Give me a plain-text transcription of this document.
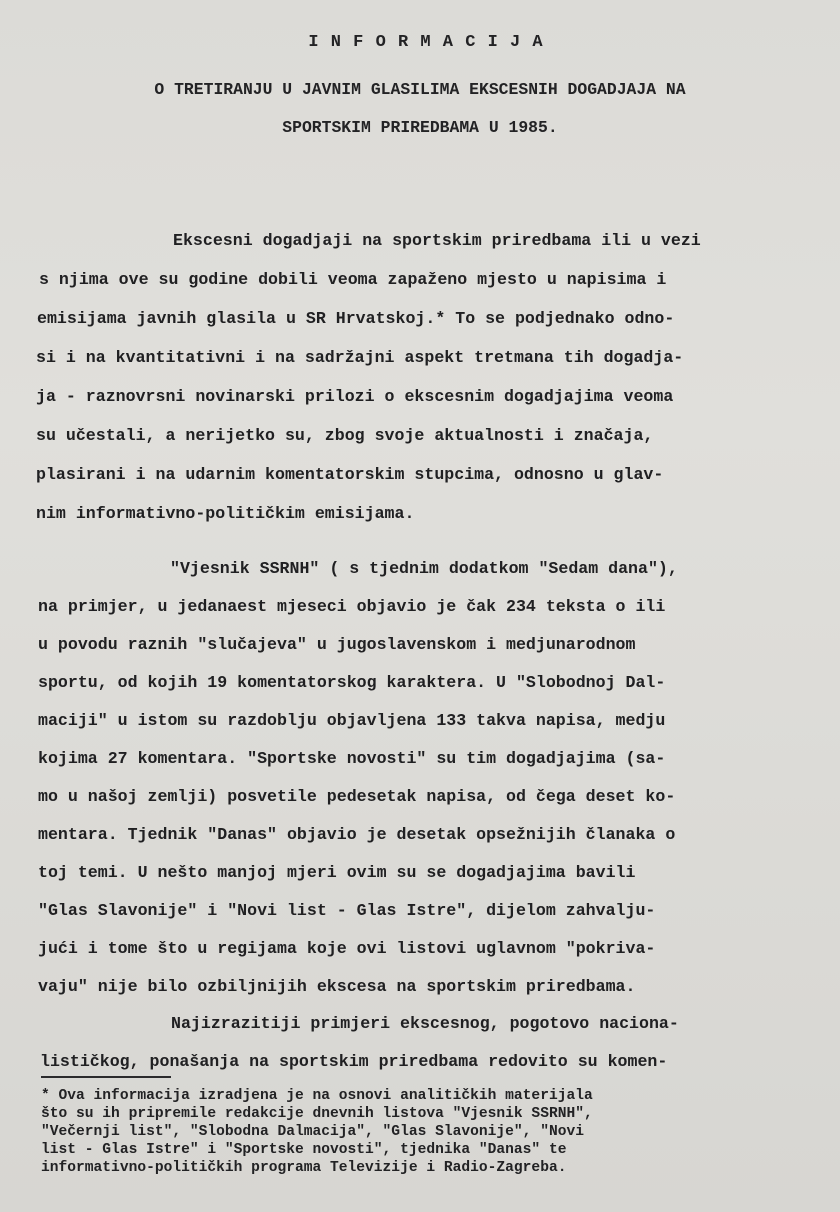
I N F O R M A C I J A
O TRETIRANJU U JAVNIM GLASILIMA EKSCESNIH DOGADJAJA NA
SPORTSKIM PRIREDBAMA U 1985.
Ekscesni dogadjaji na sportskim priredbama ili u vezi
s njima ove su godine dobili veoma zapaženo mjesto u napisima i
emisijama javnih glasila u SR Hrvatskoj.* To se podjednako odno-
si i na kvantitativni i na sadržajni aspekt tretmana tih dogadja-
ja - raznovrsni novinarski prilozi o ekscesnim dogadjajima veoma
su učestali, a nerijetko su, zbog svoje aktualnosti i značaja,
plasirani i na udarnim komentatorskim stupcima, odnosno u glav-
nim informativno-političkim emisijama.
"Vjesnik SSRNH" ( s tjednim dodatkom "Sedam dana"),
na primjer, u jedanaest mjeseci objavio je čak 234 teksta o ili
u povodu raznih "slučajeva" u jugoslavenskom i medjunarodnom
sportu, od kojih 19 komentatorskog karaktera. U "Slobodnoj Dal-
maciji" u istom su razdoblju objavljena 133 takva napisa, medju
kojima 27 komentara. "Sportske novosti" su tim dogadjajima (sa-
mo u našoj zemlji) posvetile pedesetak napisa, od čega deset ko-
mentara. Tjednik "Danas" objavio je desetak opsežnijih članaka o
toj temi. U nešto manjoj mjeri ovim su se dogadjajima bavili
"Glas Slavonije" i "Novi list - Glas Istre", dijelom zahvalju-
jući i tome što u regijama koje ovi listovi uglavnom "pokriva-
vaju" nije bilo ozbiljnijih ekscesa na sportskim priredbama.
Najizrazitiji primjeri ekscesnog, pogotovo naciona-
lističkog, ponašanja na sportskim priredbama redovito su komen-
* Ova informacija izradjena je na osnovi analitičkih materijala
što su ih pripremile redakcije dnevnih listova "Vjesnik SSRNH",
"Večernji list", "Slobodna Dalmacija", "Glas Slavonije", "Novi
list - Glas Istre" i "Sportske novosti", tjednika "Danas" te
informativno-političkih programa Televizije i Radio-Zagreba.
